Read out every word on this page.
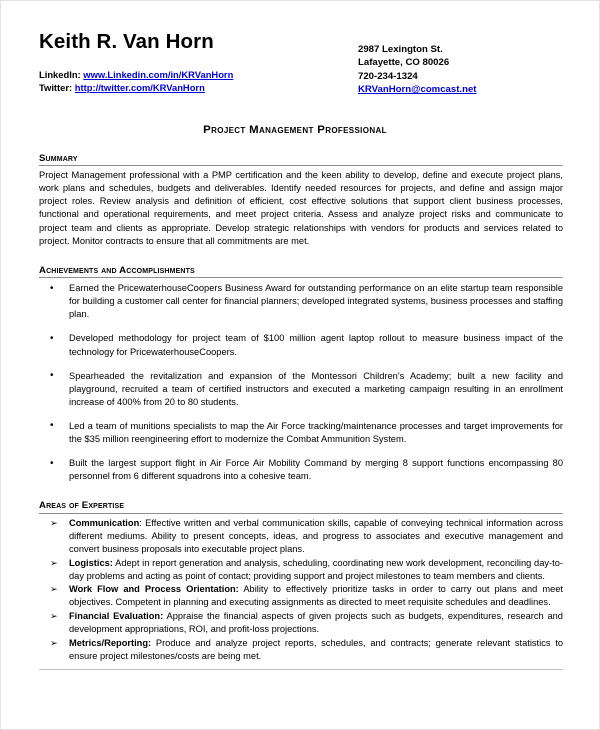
Keith R. Van Horn
LinkedIn: www.Linkedin.com/in/KRVanHorn
Twitter: http://twitter.com/KRVanHorn
2987 Lexington St.
Lafayette, CO 80026
720-234-1324
KRVanHorn@comcast.net
Project Management Professional
Summary
Project Management professional with a PMP certification and the keen ability to develop, define and execute project plans, work plans and schedules, budgets and deliverables. Identify needed resources for projects, and define and assign major project roles. Review analysis and definition of efficient, cost effective solutions that support client business processes, functional and operational requirements, and meet project criteria. Assess and analyze project risks and communicate to project team and clients as appropriate. Develop strategic relationships with vendors for products and services related to project. Monitor contracts to ensure that all commitments are met.
Achievements and Accomplishments
• Earned the PricewaterhouseCoopers Business Award for outstanding performance on an elite startup team responsible for building a customer call center for financial planners; developed integrated systems, business processes and staffing plan.
• Developed methodology for project team of $100 million agent laptop rollout to measure business impact of the technology for PricewaterhouseCoopers.
• Spearheaded the revitalization and expansion of the Montessori Children's Academy; built a new facility and playground, recruited a team of certified instructors and executed a marketing campaign resulting in an enrollment increase of 400% from 20 to 80 students.
• Led a team of munitions specialists to map the Air Force tracking/maintenance processes and target improvements for the $35 million reengineering effort to modernize the Combat Ammunition System.
• Built the largest support flight in Air Force Air Mobility Command by merging 8 support functions encompassing 80 personnel from 6 different squadrons into a cohesive team.
Areas of Expertise
➢ Communication: Effective written and verbal communication skills, capable of conveying technical information across different mediums. Ability to present concepts, ideas, and progress to associates and executive management and convert business proposals into executable project plans.
➢ Logistics: Adept in report generation and analysis, scheduling, coordinating new work development, reconciling day-to-day problems and acting as point of contact; providing support and project milestones to team members and clients.
➢ Work Flow and Process Orientation: Ability to effectively prioritize tasks in order to carry out plans and meet objectives. Competent in planning and executing assignments as directed to meet requisite schedules and deadlines.
➢ Financial Evaluation: Appraise the financial aspects of given projects such as budgets, expenditures, research and development appropriations, ROI, and profit-loss projections.
➢ Metrics/Reporting: Produce and analyze project reports, schedules, and contracts; generate relevant statistics to ensure project milestones/costs are being met.
